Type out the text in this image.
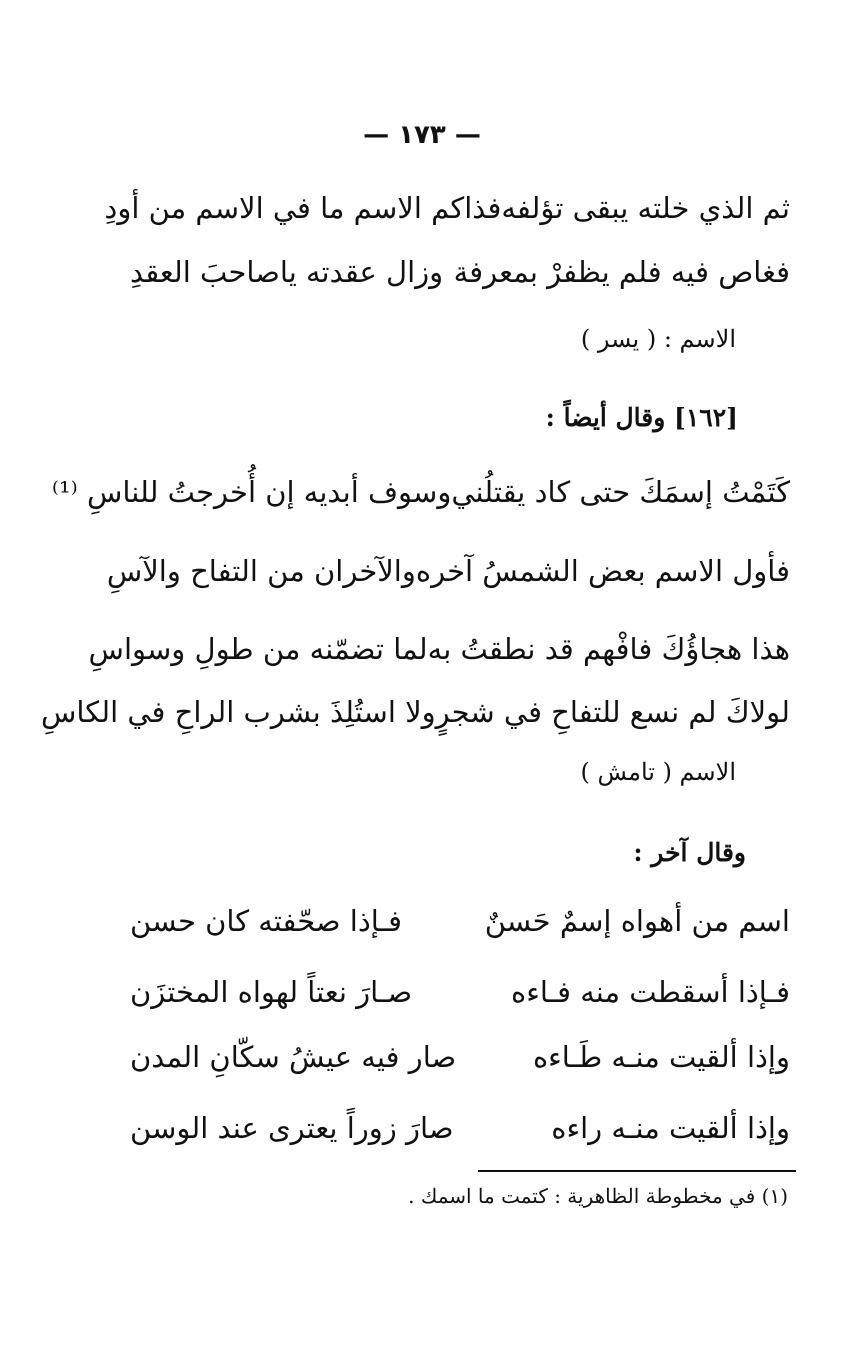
— ١٧٣ —
ثم الذي خلته يبقى تؤلفه
فذاكم الاسم ما في الاسم من أودِ
فغاص فيه فلم يظفرْ بمعرفة
وزال عقدته ياصاحبَ العقدِ
الاسم : ( يسر )
[١٦٢] وقال أيضاً :
كَتَمْتُ إسمَكَ حتى كاد يقتلُني
وسوف أبديه إن أُخرجتُ للناسِ ⁽¹⁾
فأول الاسم بعض الشمسُ آخره
والآخران من التفاح والآسِ
هذا هجاؤُكَ فافْهم قد نطقتُ به
لما تضمّنه من طولِ وسواسِ
لولاكَ لم نسع للتفاحِ في شجرٍ
ولا استُلِذَ بشرب الراحِ في الكاسِ
الاسم ( تامش )
وقال آخر :
اسم من أهواه إسمٌ حَسنٌ
فـإذا صحّفته كان حسن
فـإذا أسقطت منه فـاءه
صـارَ نعتاً لهواه المختزَن
وإذا ألقيت منـه طَـاءه
صار فيه عيشُ سكّانِ المدن
وإذا ألقيت منـه راءه
صارَ زوراً يعترى عند الوسن
(١) في مخطوطة الظاهرية : كتمت ما اسمك .
